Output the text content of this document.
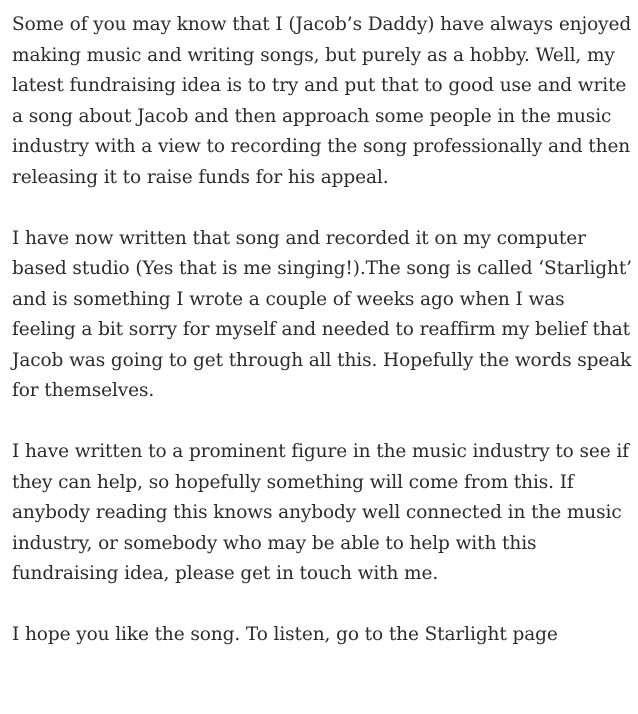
Some of you may know that I (Jacob’s Daddy) have always enjoyed making music and writing songs, but purely as a hobby. Well, my latest fundraising idea is to try and put that to good use and write a song about Jacob and then approach some people in the music industry with a view to recording the song professionally and then releasing it to raise funds for his appeal.

I have now written that song and recorded it on my computer based studio (Yes that is me singing!).The song is called ‘Starlight’ and is something I wrote a couple of weeks ago when I was feeling a bit sorry for myself and needed to reaffirm my belief that Jacob was going to get through all this. Hopefully the words speak for themselves.

I have written to a prominent figure in the music industry to see if they can help, so hopefully something will come from this. If anybody reading this knows anybody well connected in the music industry, or somebody who may be able to help with this fundraising idea, please get in touch with me.

I hope you like the song. To listen, go to the Starlight page
